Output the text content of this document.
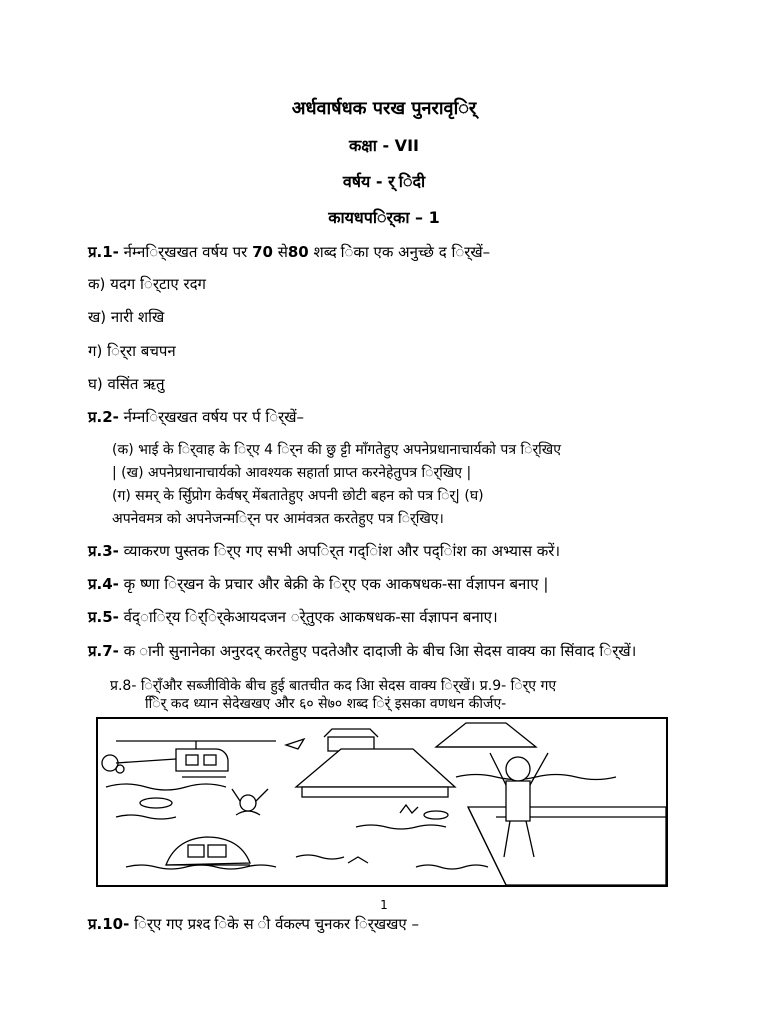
अर्धवार्षधक परख पुनरावृर्ि
कक्षा - VII
वर्षय - र् िंदी
कायधपर्िका – 1
प्र.1- र्नम्नर्िखखत वर्षय पर 70 से80 शब्द िंका एक अनुच्छे द र्िखें–
क) यदग र्िटाए रदग
ख) नारी शखि
ग) र्िरा बचपन
घ) वसिंत ऋतु
प्र.2- र्नम्नर्िखखत वर्षय पर र्प र्िखें–
(क) भाई के र्िवाह के र्िए 4 र्िन की छु ट्टी माँगतेहुए अपनेप्रधानाचार्यको पत्र र्िखिए
| (ख) अपनेप्रधानाचार्यको आवश्यक सहार्ता प्राप्त करनेहेतुपत्र र्िखिए |
(ग) समर् के र्सिुप्रोग केर्वषर् मेंबतातेहुए अपनी छोटी बहन को पत्र र्ि| (घ)
अपनेवमत्र को अपनेजन्मर्िन पर आमंवत्रत करतेहुए पत्र र्िखिए।
प्र.3- व्याकरण पुस्तक र्िए गए सभी अपर्ित गद्ािंश और पद्ािंश का अभ्यास करें।
प्र.4- कृ ष्णा र्िखन के प्रचार और बेक्री के र्िए एक आकषधक-सा र्वज्ञापन बनाए |
प्र.5- र्वद्ार्िय र्िर्िकेआयदजन र्ेतुएक आकषधक-सा र्वज्ञापन बनाए।
प्र.7- क ानी सुनानेका अनुरदर् करतेहुए पदतेऔर दादाजी के बीच आि सेदस वाक्य का सिंवाद र्िखें।
प्र.8- र्िाँऔर सब्जीवािेके बीच हुई बातचीत कद आि सेदस वाक्य र्िखें। प्र.9- र्िए गए
र्िि कद ध्यान सेदेखखए और ६० से७० शब्द र्िं इसका वणधन कीर्जए-
1
प्र.10- र्िए गए प्रश्द िंके स ी र्वकल्प चुनकर र्िखखए –
